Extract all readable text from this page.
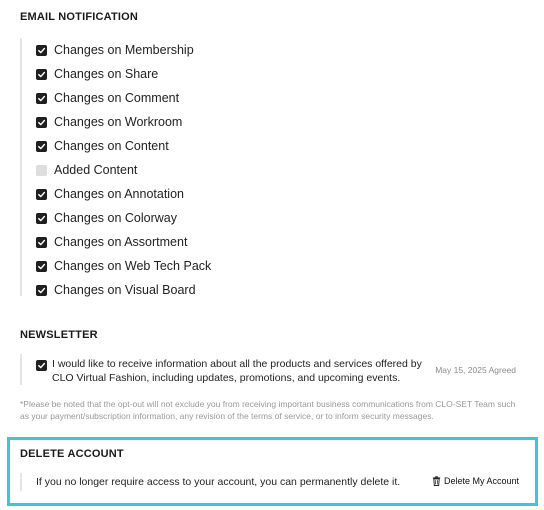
EMAIL NOTIFICATION
Changes on Membership
Changes on Share
Changes on Comment
Changes on Workroom
Changes on Content
Added Content
Changes on Annotation
Changes on Colorway
Changes on Assortment
Changes on Web Tech Pack
Changes on Visual Board
NEWSLETTER
I would like to receive information about all the products and services offered by CLO Virtual Fashion, including updates, promotions, and upcoming events.
May 15, 2025 Agreed
*Please be noted that the opt-out will not exclude you from receiving important business communications from CLO-SET Team such as your payment/subscription information, any revision of the terms of service, or to inform security messages.
DELETE ACCOUNT
If you no longer require access to your account, you can permanently delete it.	Delete My Account
